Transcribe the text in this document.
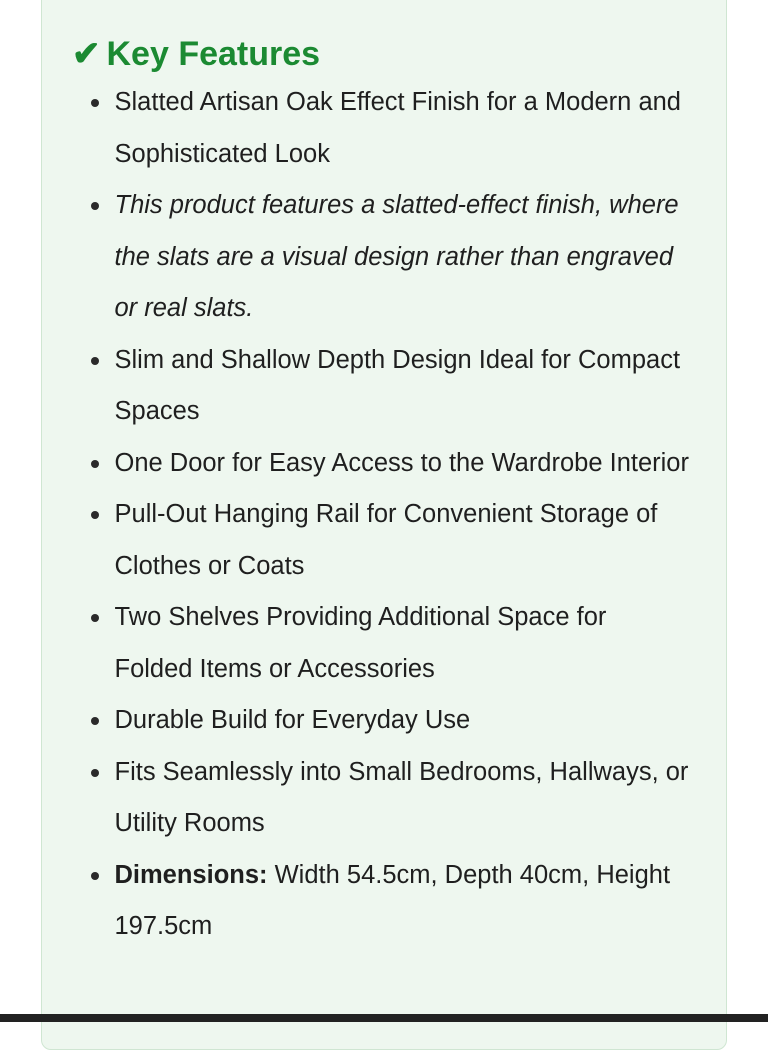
✔ Key Features
Slatted Artisan Oak Effect Finish for a Modern and Sophisticated Look
This product features a slatted-effect finish, where the slats are a visual design rather than engraved or real slats.
Slim and Shallow Depth Design Ideal for Compact Spaces
One Door for Easy Access to the Wardrobe Interior
Pull-Out Hanging Rail for Convenient Storage of Clothes or Coats
Two Shelves Providing Additional Space for Folded Items or Accessories
Durable Build for Everyday Use
Fits Seamlessly into Small Bedrooms, Hallways, or Utility Rooms
Dimensions: Width 54.5cm, Depth 40cm, Height 197.5cm
